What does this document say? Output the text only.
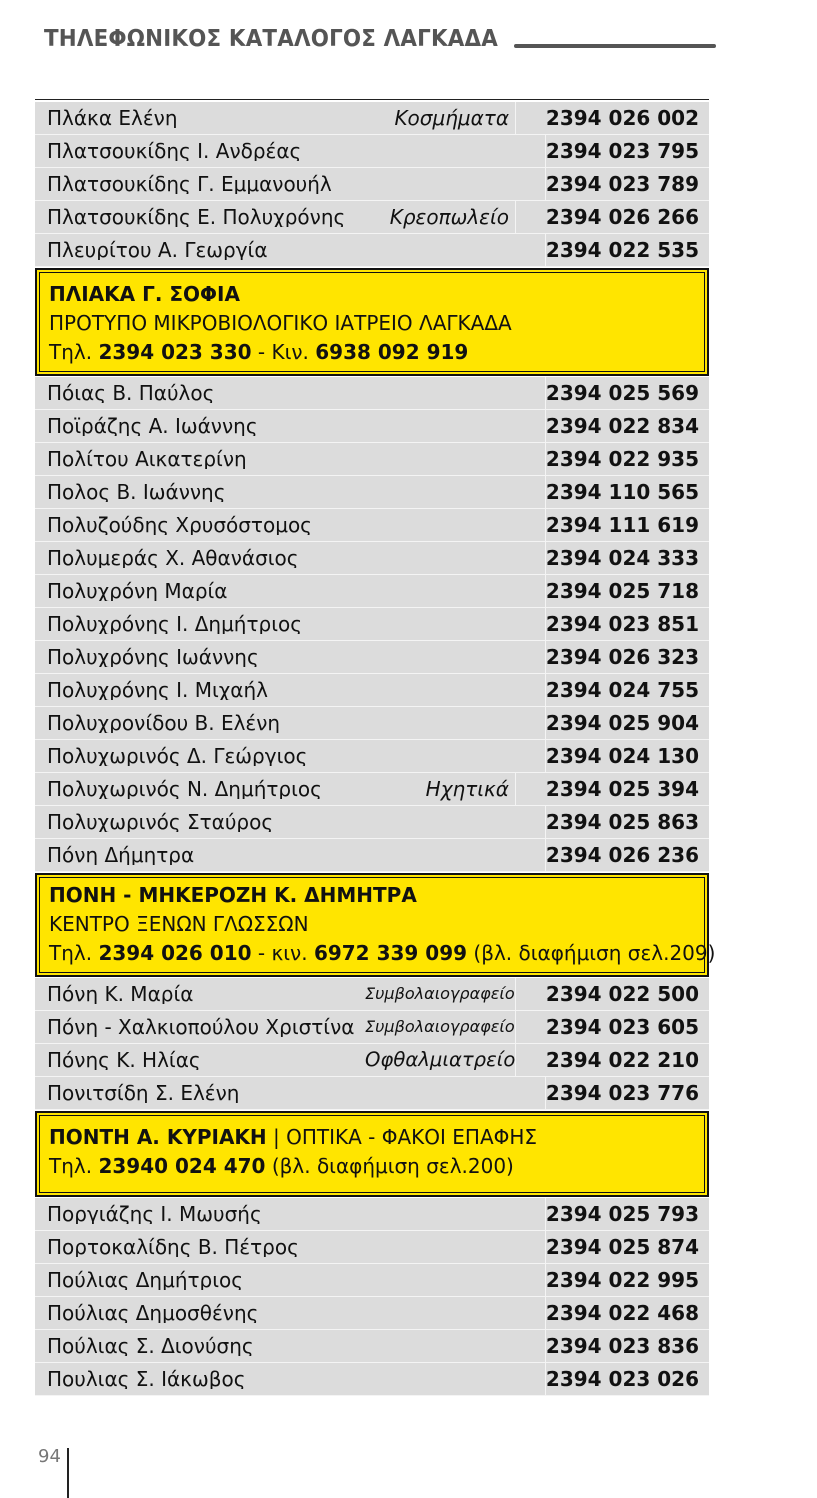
ΤΗΛΕΦΩΝΙΚΟΣ ΚΑΤΑΛΟΓΟΣ ΛΑΓΚΑΔΑ
Πλάκα Ελένη	Κοσμήματα	2394 026 002
Πλατσουκίδης Ι. Ανδρέας	2394 023 795
Πλατσουκίδης Γ. Εμμανουήλ	2394 023 789
Πλατσουκίδης Ε. Πολυχρόνης	Κρεοπωλείο	2394 026 266
Πλευρίτου Α. Γεωργία	2394 022 535
ΠΛΙΑΚΑ Γ. ΣΟΦΙΑ
ΠΡΟΤΥΠΟ ΜΙΚΡΟΒΙΟΛΟΓΙΚΟ ΙΑΤΡΕΙΟ ΛΑΓΚΑΔΑ
Τηλ. 2394 023 330 - Κιν. 6938 092 919
Πόιας Β. Παύλος	2394 025 569
Ποϊράζης Α. Ιωάννης	2394 022 834
Πολίτου Αικατερίνη	2394 022 935
Πολος Β. Ιωάννης	2394 110 565
Πολυζούδης Χρυσόστομος	2394 111 619
Πολυμεράς Χ. Αθανάσιος	2394 024 333
Πολυχρόνη Μαρία	2394 025 718
Πολυχρόνης Ι. Δημήτριος	2394 023 851
Πολυχρόνης Ιωάννης	2394 026 323
Πολυχρόνης Ι. Μιχαήλ	2394 024 755
Πολυχρονίδου Β. Ελένη	2394 025 904
Πολυχωρινός Δ. Γεώργιος	2394 024 130
Πολυχωρινός Ν. Δημήτριος	Ηχητικά	2394 025 394
Πολυχωρινός Σταύρος	2394 025 863
Πόνη Δήμητρα	2394 026 236
ΠΟΝΗ - ΜΗΚΕΡΟΖΗ Κ. ΔΗΜΗΤΡΑ
ΚΕΝΤΡΟ ΞΕΝΩΝ ΓΛΩΣΣΩΝ
Τηλ. 2394 026 010 - κιν. 6972 339 099 (βλ. διαφήμιση σελ.209)
Πόνη Κ. Μαρία	Συμβολαιογραφείο	2394 022 500
Πόνη - Χαλκιοπούλου Χριστίνα Συμβολαιογραφείο	2394 023 605
Πόνης Κ. Ηλίας	Οφθαλμιατρείο	2394 022 210
Πονιτσίδη Σ. Ελένη	2394 023 776
ΠΟΝΤΗ Α. ΚΥΡΙΑΚΗ | ΟΠΤΙΚΑ - ΦΑΚΟΙ ΕΠΑΦΗΣ
Τηλ. 23940 024 470 (βλ. διαφήμιση σελ.200)
Ποργιάζης Ι. Μωυσής	2394 025 793
Πορτοκαλίδης Β. Πέτρος	2394 025 874
Πούλιας Δημήτριος	2394 022 995
Πούλιας Δημοσθένης	2394 022 468
Πούλιας Σ. Διονύσης	2394 023 836
Πουλιας Σ. Ιάκωβος	2394 023 026
94
